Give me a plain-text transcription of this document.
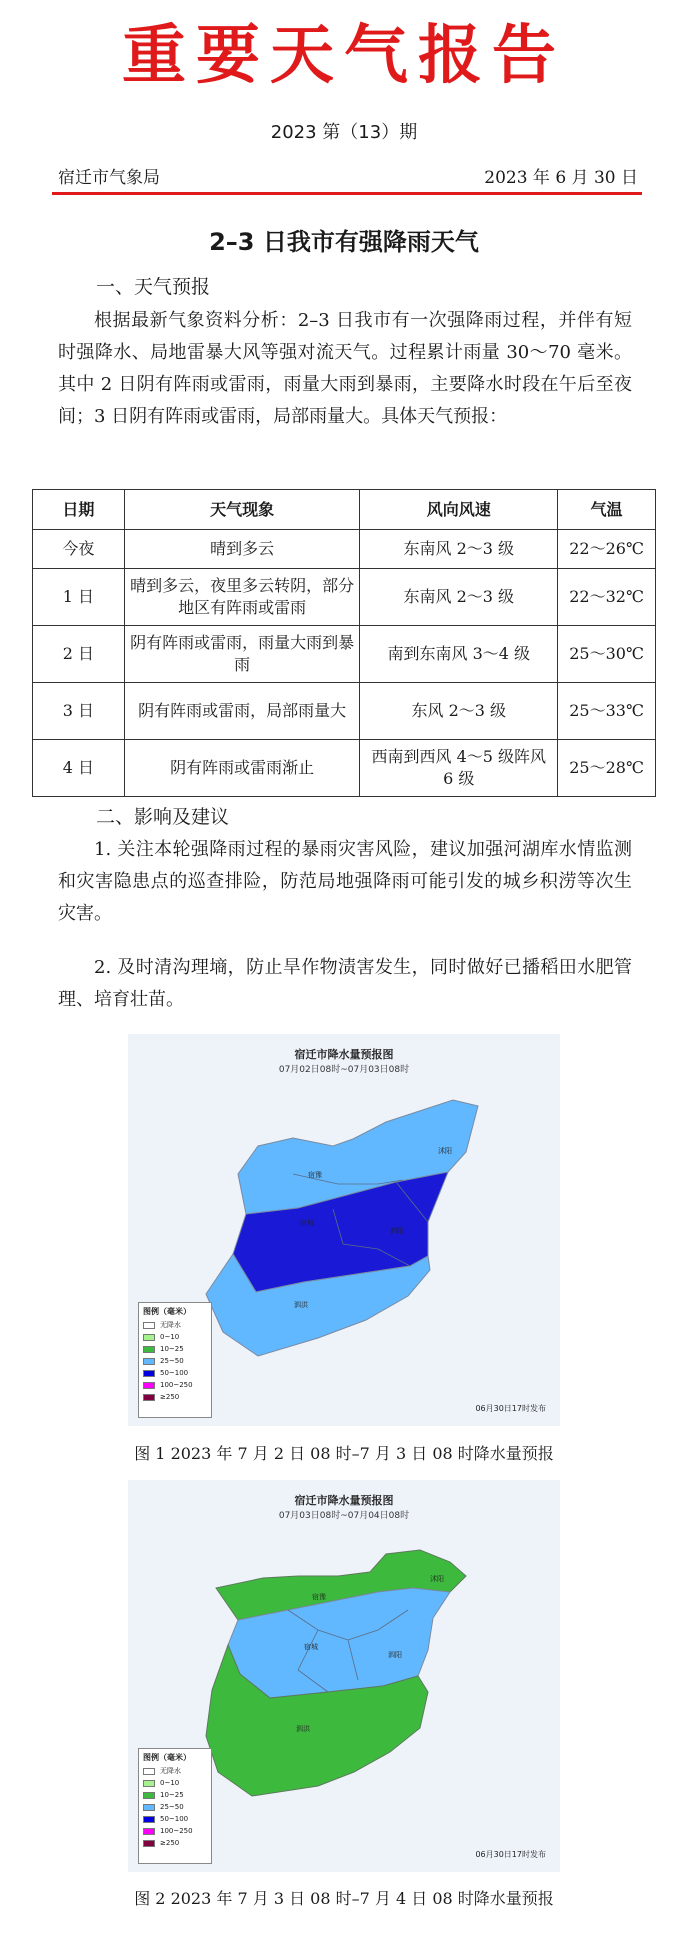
重要天气报告
2023 第（13）期
宿迁市气象局	2023 年 6 月 30 日
2–3 日我市有强降雨天气
一、天气预报
根据最新气象资料分析：2–3 日我市有一次强降雨过程，并伴有短时强降水、局地雷暴大风等强对流天气。过程累计雨量 30～70 毫米。其中 2 日阴有阵雨或雷雨，雨量大雨到暴雨，主要降水时段在午后至夜间；3 日阴有阵雨或雷雨，局部雨量大。具体天气预报：
日期	天气现象	风向风速	气温
今夜	晴到多云	东南风 2～3 级	22～26℃
1 日	晴到多云，夜里多云转阴，部分地区有阵雨或雷雨	东南风 2～3 级	22～32℃
2 日	阴有阵雨或雷雨，雨量大雨到暴雨	南到东南风 3～4 级	25～30℃
3 日	阴有阵雨或雷雨，局部雨量大	东风 2～3 级	25～33℃
4 日	阴有阵雨或雷雨渐止	西南到西风 4～5 级阵风 6 级	25～28℃
二、影响及建议
1. 关注本轮强降雨过程的暴雨灾害风险，建议加强河湖库水情监测和灾害隐患点的巡查排险，防范局地强降雨可能引发的城乡积涝等次生灾害。
2. 及时清沟理墒，防止旱作物渍害发生，同时做好已播稻田水肥管理、培育壮苗。
宿迁市降水量预报图
07月02日08时~07月03日08时
沭阳
宿豫
泗阳
宿城
泗洪
图例（毫米）
无降水
0~10
10~25
25~50
50~100
100~250
≥250
06月30日17时发布
图 1 2023 年 7 月 2 日 08 时–7 月 3 日 08 时降水量预报
宿迁市降水量预报图
07月03日08时~07月04日08时
沭阳
宿豫
泗阳
宿城
泗洪
图例（毫米）
无降水
0~10
10~25
25~50
50~100
100~250
≥250
06月30日17时发布
图 2 2023 年 7 月 3 日 08 时–7 月 4 日 08 时降水量预报
